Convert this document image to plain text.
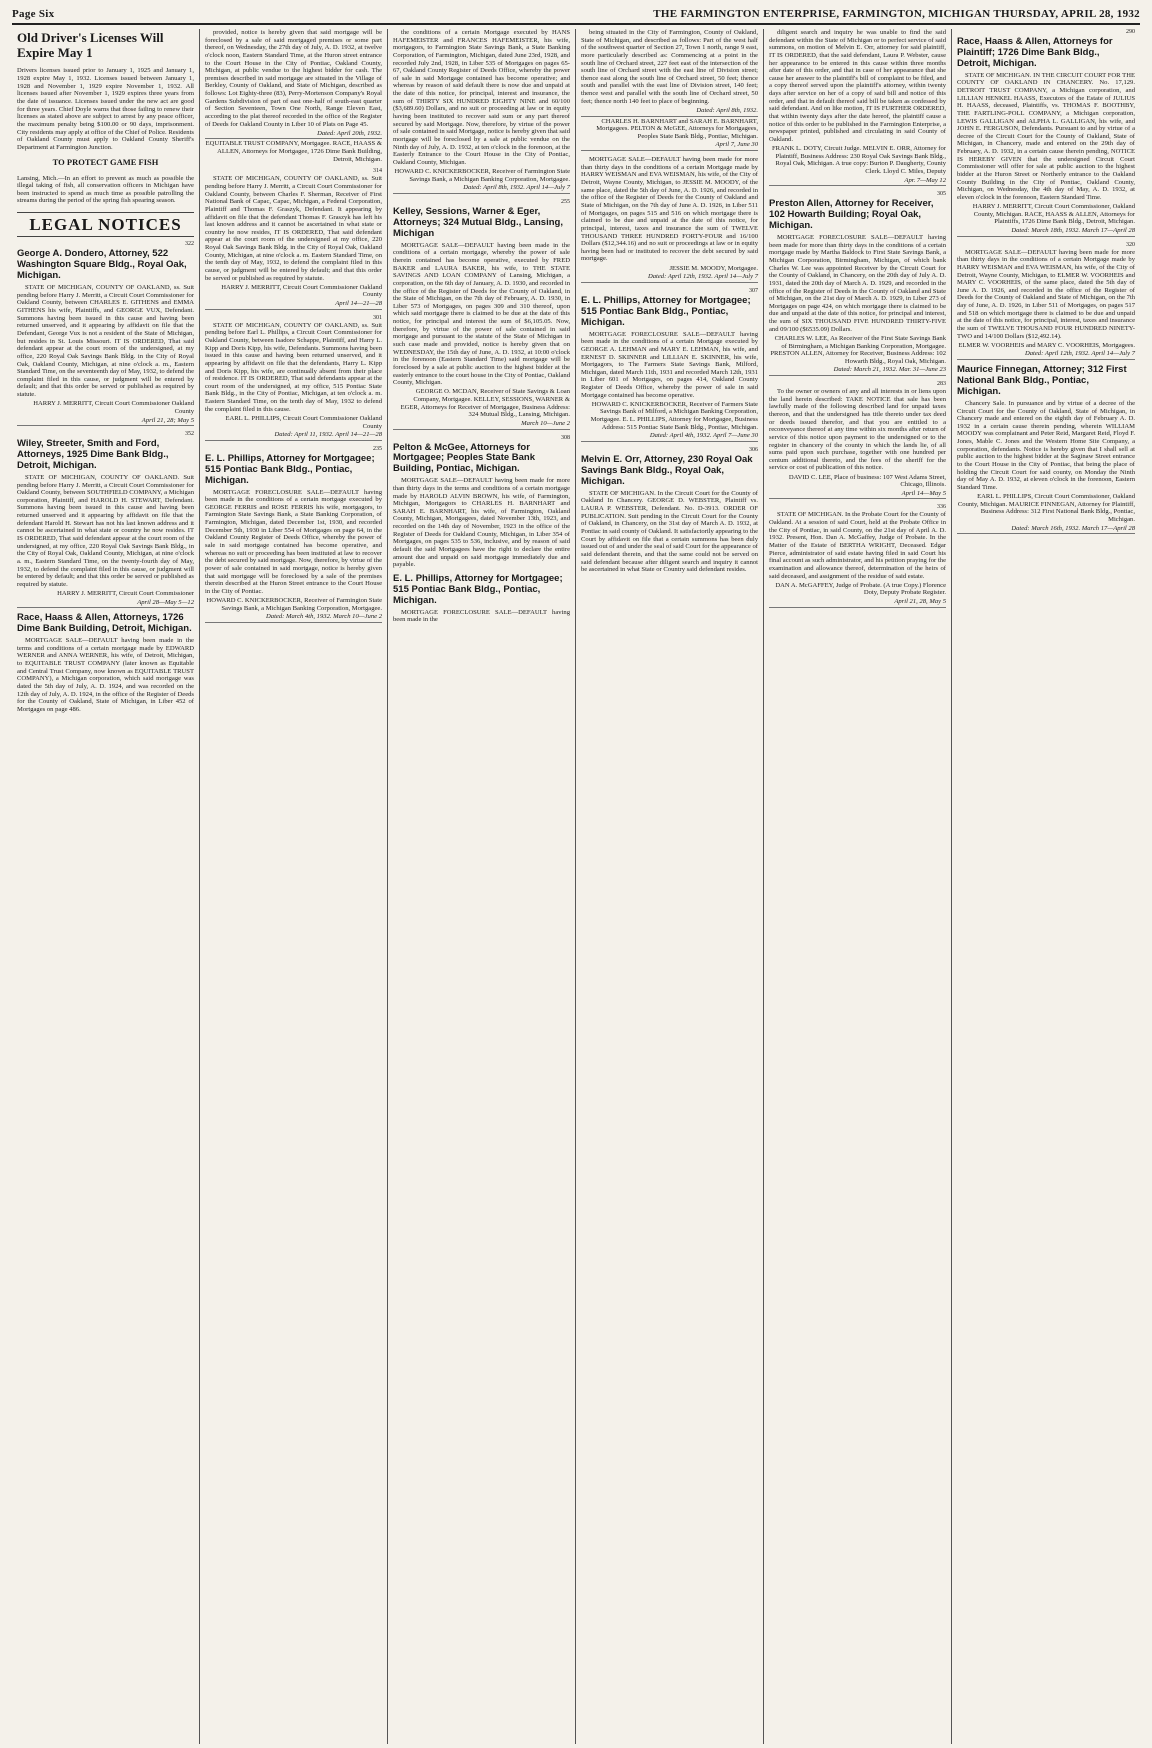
Page Six	THE FARMINGTON ENTERPRISE, FARMINGTON, MICHIGAN THURSDAY, APRIL 28, 1932
Old Driver's Licenses Will Expire May 1

Drivers licenses issued prior to January 1, 1925 and January 1, 1928 expire May 1, 1932. Licenses issued between January 1, 1928 and November 1, 1929 expire November 1, 1932. All licenses issued after November 1, 1929 expires three years from the date of issuance. Licenses issued under the new act are good for three years. Chief Doyle warns that those failing to renew their licenses as stated above are subject to arrest by any peace officer, the maximum penalty being $100.00 or 90 days, imprisonment. City residents may apply at office of the Chief of Police. Residents of Oakland County must apply to Oakland County Sheriff's Department at Farmington Junction.

TO PROTECT GAME FISH

Lansing, Mich.—In an effort to prevent as much as possible the illegal taking of fish, all conservation officers in Michigan have been instructed to spend as much time as possible patrolling the streams during the period of the spring fish spearing season.

LEGAL NOTICES
322
George A. Dondero, Attorney, 522 Washington Square Bldg., Royal Oak, Michigan.

STATE OF MICHIGAN, COUNTY OF OAKLAND, ss. Suit pending before Harry J. Merritt, a Circuit Court Commissioner for Oakland County, between CHARLES E. GITHENS and EMMA GITHENS his wife, Plaintiffs, and GEORGE VUX, Defendant. Summons having been issued in this cause and having been returned unserved, and it appearing by affidavit on file that the Defendant, George Vux is not a resident of the State of Michigan, but resides in St. Louis Missouri. IT IS ORDERED, That said defendant appear at the court room of the undersigned, at my office, 220 Royal Oak Savings Bank Bldg. in the City of Royal Oak, Oakland County, Michigan, at nine o'clock a. m., Eastern Standard Time, on the seventeenth day of May, 1932, to defend the complaint filed in this cause, or judgment will be entered by default; and that this order be served or published as required by statute.

HARRY J. MERRITT, Circuit Court Commissioner Oakland County
April 21, 28; May 5
352
Wiley, Streeter, Smith and Ford, Attorneys, 1925 Dime Bank Bldg., Detroit, Michigan.

STATE OF MICHIGAN, COUNTY OF OAKLAND. Suit pending before Harry J. Merritt, a Circuit Court Commissioner for Oakland County, between SOUTHFIELD COMPANY, a Michigan corporation, Plaintiff, and HAROLD H. STEWART, Defendant. Summons having been issued in this cause and having been returned unserved and it appearing by affidavit on file that the defendant Harold H. Stewart has not his last known address and it cannot be ascertained in what state or country he now resides. IT IS ORDERED, That said defendant appear at the court room of the undersigned, at my office, 220 Royal Oak Savings Bank Bldg., in the City of Royal Oak, Oakland County, Michigan, at nine o'clock a. m., Eastern Standard Time, on the twenty-fourth day of May, 1932, to defend the complaint filed in this cause, or judgment will be entered by default; and that this order be served or published as required by statute.

HARRY J. MERRITT, Circuit Court Commissioner
April 28—May 5—12
Race, Haass & Allen, Attorneys, 1726 Dime Bank Building, Detroit, Michigan.

MORTGAGE SALE—DEFAULT having been made in the terms and conditions of a certain mortgage made by EDWARD WERNER and ANNA WERNER, his wife, of Detroit, Michigan, to EQUITABLE TRUST COMPANY (later known as Equitable and Central Trust Company, now known as EQUITABLE TRUST COMPANY), a Michigan corporation, which said mortgage was dated the 5th day of July, A. D. 1924, and was recorded on the 12th day of July, A. D. 1924, in the office of the Register of Deeds for the County of Oakland, State of Michigan, in Liber 452 of Mortgages on page 486.

provided, notice is hereby given that said mortgage will be foreclosed by a sale of said mortgaged premises or some part thereof, on Wednesday, the 27th day of July, A. D. 1932, at twelve o'clock noon, Eastern Standard Time, at the Huron street entrance to the Court House in the City of Pontiac, Oakland County, Michigan, at public vendue to the highest bidder for cash. The premises described in said mortgage are situated in the Village of Berkley, County of Oakland, and State of Michigan, described as follows: Lot Eighty-three (83), Perry-Mortenson Company's Royal Gardens Subdivision of part of east one-half of south-east quarter of Section Seventeen, Town One North, Range Eleven East, according to the plat thereof recorded in the office of the Register of Deeds for Oakland County in Liber 10 of Plats on Page 45.

Dated: April 20th, 1932.
EQUITABLE TRUST COMPANY, Mortgagee. RACE, HAASS & ALLEN, Attorneys for Mortgagee, 1726 Dime Bank Building, Detroit, Michigan.
314

STATE OF MICHIGAN, COUNTY OF OAKLAND, ss. Suit pending before Harry J. Merritt, a Circuit Court Commissioner for Oakland County, between Charles F. Sherman, Receiver of First National Bank of Capac, Capac, Michigan, a Federal Corporation, Plaintiff and Thomas F. Graszyk, Defendant. It appearing by affidavit on file that the defendant Thomas F. Graszyk has left his last known address and it cannot be ascertained in what state or country he now resides, IT IS ORDERED, That said defendant appear at the court room of the undersigned at my office, 220 Royal Oak Savings Bank Bldg. in the City of Royal Oak, Oakland County, Michigan, at nine o'clock a. m. Eastern Standard Time, on the tenth day of May, 1932, to defend the complaint filed in this cause, or judgment will be entered by default; and that this order be served or published as required by statute.

HARRY J. MERRITT, Circuit Court Commissioner Oakland County
April 14—21—28
301

STATE OF MICHIGAN, COUNTY OF OAKLAND, ss. Suit pending before Earl L. Phillips, a Circuit Court Commissioner for Oakland County, between Isadore Schappe, Plaintiff, and Harry L. Kipp and Doris Kipp, his wife, Defendants. Summons having been issued in this cause and having been returned unserved, and it appearing by affidavit on file that the defendants, Harry L. Kipp and Doris Kipp, his wife, are continually absent from their place of residence. IT IS ORDERED, That said defendants appear at the court room of the undersigned, at my office, 515 Pontiac State Bank Bldg., in the City of Pontiac, Michigan, at ten o'clock a. m. Eastern Standard Time, on the tenth day of May, 1932 to defend the complaint filed in this cause.

EARL L. PHILLIPS, Circuit Court Commissioner Oakland County
Dated: April 11, 1932. April 14—21—28
235
E. L. Phillips, Attorney for Mortgagee; 515 Pontiac Bank Bldg., Pontiac, Michigan.

MORTGAGE FORECLOSURE SALE—DEFAULT having been made in the conditions of a certain mortgage executed by GEORGE FERRIS and ROSE FERRIS his wife, mortgagors, to Farmington State Savings Bank, a State Banking Corporation, of Farmington, Michigan, dated December 1st, 1930, and recorded December 5th, 1930 in Liber 554 of Mortgages on page 64, in the Oakland County Register of Deeds Office, whereby the power of sale in said mortgage contained has become operative, and whereas no suit or proceeding has been instituted at law to recover the debt secured by said mortgage. Now, therefore, by virtue of the power of sale contained in said mortgage, notice is hereby given that said mortgage will be foreclosed by a sale of the premises therein described at the Huron Street entrance to the Court House in the City of Pontiac.

HOWARD C. KNICKERBOCKER, Receiver of Farmington State Savings Bank, a Michigan Banking Corporation, Mortgagee.
Dated: March 4th, 1932. March 10—June 2

the conditions of a certain Mortgage executed by HANS HAFEMEISTER and FRANCES HAFEMEISTER, his wife, mortgagors, to Farmington State Savings Bank, a State Banking Corporation, of Farmington, Michigan, dated June 23rd, 1928, and recorded July 2nd, 1928, in Liber 535 of Mortgages on pages 65-67, Oakland County Register of Deeds Office, whereby the power of sale in said Mortgage contained has become operative; and whereas by reason of said default there is now due and unpaid at the date of this notice, for principal, interest and insurance, the sum of THIRTY SIX HUNDRED EIGHTY NINE and 60/100 ($3,689.60) Dollars, and no suit or proceeding at law or in equity having been instituted to recover said sum or any part thereof secured by said Mortgage. Now, therefore, by virtue of the power of sale contained in said Mortgage, notice is hereby given that said mortgage will be foreclosed by a sale at public vendue on the Ninth day of July, A. D. 1932, at ten o'clock in the forenoon, at the Easterly Entrance to the Court House in the City of Pontiac, Oakland County, Michigan.

HOWARD C. KNICKERBOCKER, Receiver of Farmington State Savings Bank, a Michigan Banking Corporation, Mortgagee.
Dated: April 8th, 1932. April 14—July 7
255
Kelley, Sessions, Warner & Eger, Attorneys; 324 Mutual Bldg., Lansing, Michigan

MORTGAGE SALE—DEFAULT having been made in the conditions of a certain mortgage, whereby the power of sale therein contained has become operative, executed by FRED BAKER and LAURA BAKER, his wife, to THE STATE SAVINGS AND LOAN COMPANY of Lansing, Michigan, a corporation, on the 6th day of January, A. D. 1930, and recorded in the office of the Register of Deeds for the County of Oakland, in the State of Michigan, on the 7th day of February, A. D. 1930, in Liber 573 of Mortgages, on pages 309 and 310 thereof, upon which said mortgage there is claimed to be due at the date of this notice, for principal and interest the sum of $6,105.05. Now, therefore, by virtue of the power of sale contained in said mortgage and pursuant to the statute of the State of Michigan in such case made and provided, notice is hereby given that on WEDNESDAY, the 15th day of June, A. D. 1932, at 10:00 o'clock in the forenoon (Eastern Standard Time) said mortgage will be foreclosed by a sale at public auction to the highest bidder at the easterly entrance to the court house in the City of Pontiac, Oakland County, Michigan.

GEORGE O. MCDAN, Receiver of State Savings & Loan Company, Mortgagee. KELLEY, SESSIONS, WARNER & EGER, Attorneys for Receiver of Mortgagee, Business Address: 324 Mutual Bldg., Lansing, Michigan.
March 10—June 2
308
Pelton & McGee, Attorneys for Mortgagee; Peoples State Bank Building, Pontiac, Michigan.

MORTGAGE SALE—DEFAULT having been made for more than thirty days in the terms and conditions of a certain mortgage made by HAROLD ALVIN BROWN, his wife, of Farmington, Michigan, Mortgagors to CHARLES H. BARNHART and SARAH E. BARNHART, his wife, of Farmington, Oakland County, Michigan, Mortgagees, dated November 13th, 1923, and recorded on the 14th day of November, 1923 in the office of the Register of Deeds for Oakland County, Michigan, in Liber 354 of Mortgages, on pages 535 to 536, inclusive, and by reason of said default the said Mortgagees have the right to declare the entire amount due and unpaid on said mortgage immediately due and payable.

E. L. Phillips, Attorney for Mortgagee; 515 Pontiac Bank Bldg., Pontiac, Michigan.

MORTGAGE FORECLOSURE SALE—DEFAULT having been made in the

being situated in the City of Farmington, County of Oakland, State of Michigan, and described as follows: Part of the west half of the southwest quarter of Section 27, Town 1 north, range 9 east, more particularly described as: Commencing at a point in the south line of Orchard street, 227 feet east of the intersection of the south line of Orchard street with the east line of Division street; thence east along the south line of Orchard street, 50 feet; thence south and parallel with the east line of Division street, 140 feet; thence west and parallel with the south line of Orchard street, 50 feet; thence north 140 feet to place of beginning.

Dated: April 8th, 1932.
CHARLES H. BARNHART and SARAH E. BARNHART, Mortgagees. PELTON & McGEE, Attorneys for Mortgagees, Peoples State Bank Bldg., Pontiac, Michigan.
April 7, June 30

MORTGAGE SALE—DEFAULT having been made for more than thirty days in the conditions of a certain Mortgage made by HARRY WEISMAN and EVA WEISMAN, his wife, of the City of Detroit, Wayne County, Michigan, to JESSIE M. MOODY, of the same place, dated the 5th day of June, A. D. 1926, and recorded in the office of the Register of Deeds for the County of Oakland and State of Michigan, on the 7th day of June A. D. 1926, in Liber 511 of Mortgages, on pages 515 and 516 on which mortgage there is claimed to be due and unpaid at the date of this notice, for principal, interest, taxes and insurance the sum of TWELVE THOUSAND THREE HUNDRED FORTY-FOUR and 16/100 Dollars ($12,344.16) and no suit or proceedings at law or in equity having been had or instituted to recover the debt secured by said mortgage.

JESSIE M. MOODY, Mortgagee.
Dated: April 12th, 1932. April 14—July 7
307
E. L. Phillips, Attorney for Mortgagee; 515 Pontiac Bank Bldg., Pontiac, Michigan.

MORTGAGE FORECLOSURE SALE—DEFAULT having been made in the conditions of a certain Mortgage executed by GEORGE A. LEHMAN and MARY E. LEHMAN, his wife, and ERNEST D. SKINNER and LILLIAN E. SKINNER, his wife, Mortgagors, to The Farmers State Savings Bank, Milford, Michigan, dated March 11th, 1931 and recorded March 12th, 1931 in Liber 601 of Mortgages, on pages 414, Oakland County Register of Deeds Office, whereby the power of sale in said Mortgage contained has become operative.

HOWARD C. KNICKERBOCKER, Receiver of Farmers State Savings Bank of Milford, a Michigan Banking Corporation, Mortgagee. E. L. PHILLIPS, Attorney for Mortgagee, Business Address: 515 Pontiac State Bank Bldg., Pontiac, Michigan.
Dated: April 4th, 1932. April 7—June 30
306
Melvin E. Orr, Attorney, 230 Royal Oak Savings Bank Bldg., Royal Oak, Michigan.

STATE OF MICHIGAN. In the Circuit Court for the County of Oakland In Chancery. GEORGE D. WEBSTER, Plaintiff vs. LAURA P. WEBSTER, Defendant. No. D-3913. ORDER OF PUBLICATION. Suit pending in the Circuit Court for the County of Oakland, in Chancery, on the 31st day of March A. D. 1932, at Pontiac in said county of Oakland. It satisfactorily appearing to the Court by affidavit on file that a certain summons has been duly issued out of and under the seal of said Court for the appearance of said defendant therein, and that the same could not be served on said defendant because after diligent search and inquiry it cannot be ascertained in what State or Country said defendant resides.

diligent search and inquiry he was unable to find the said defendant within the State of Michigan or to perfect service of said summons, on motion of Melvin E. Orr, attorney for said plaintiff, IT IS ORDERED, that the said defendant, Laura P. Webster, cause her appearance to be entered in this cause within three months after date of this order, and that in case of her appearance that she cause her answer to the plaintiff's bill of complaint to be filed, and a copy thereof served upon the plaintiff's attorney, within twenty days after service on her of a copy of said bill and notice of this order, and that in default thereof said bill be taken as confessed by said defendant. And on like motion, IT IS FURTHER ORDERED, that within twenty days after the date hereof, the plaintiff cause a notice of this order to be published in the Farmington Enterprise, a newspaper printed, published and circulating in said County of Oakland.

FRANK L. DOTY, Circuit Judge. MELVIN E. ORR, Attorney for Plaintiff, Business Address: 230 Royal Oak Savings Bank Bldg., Royal Oak, Michigan. A true copy: Burton P. Daugherty, County Clerk. Lloyd C. Miles, Deputy
Apr. 7—May 12
305
Preston Allen, Attorney for Receiver, 102 Howarth Building; Royal Oak, Michigan.

MORTGAGE FORECLOSURE SALE—DEFAULT having been made for more than thirty days in the conditions of a certain mortgage made by Martha Baldock to First State Savings Bank, a Michigan Corporation, Birmingham, Michigan, of which bank Charles W. Lee was appointed Receiver by the Circuit Court for the County of Oakland, in Chancery, on the 20th day of July A. D. 1931, dated the 20th day of March A. D. 1929, and recorded in the office of the Register of Deeds in the County of Oakland and State of Michigan, on the 21st day of March A. D. 1929, in Liber 273 of Mortgages on page 424, on which mortgage there is claimed to be due and unpaid at the date of this notice, for principal and interest, the sum of SIX THOUSAND FIVE HUNDRED THIRTY-FIVE and 09/100 ($6535.09) Dollars.

CHARLES W. LEE, As Receiver of the First State Savings Bank of Birmingham, a Michigan Banking Corporation, Mortgagee. PRESTON ALLEN, Attorney for Receiver, Business Address: 102 Howarth Bldg., Royal Oak, Michigan.
Dated: March 21, 1932. Mar. 31—June 23
283

To the owner or owners of any and all interests in or liens upon the land herein described: TAKE NOTICE that sale has been lawfully made of the following described land for unpaid taxes thereon, and that the undersigned has title thereto under tax deed or deeds issued therefor, and that you are entitled to a reconveyance thereof at any time within six months after return of service of this notice upon payment to the undersigned or to the register in chancery of the county in which the lands lie, of all sums paid upon such purchase, together with one hundred per centum additional thereto, and the fees of the sheriff for the service or cost of publication of this notice.

DAVID C. LEE, Place of business: 107 West Adams Street, Chicago, Illinois.
April 14—May 5
336

STATE OF MICHIGAN. In the Probate Court for the County of Oakland. At a session of said Court, held at the Probate Office in the City of Pontiac, in said County, on the 21st day of April A. D. 1932. Present, Hon. Dan A. McGaffey, Judge of Probate. In the Matter of the Estate of BERTHA WRIGHT, Deceased. Edgar Pierce, administrator of said estate having filed in said Court his final account as such administrator, and his petition praying for the examination and allowance thereof, determination of the heirs of said deceased, and assignment of the residue of said estate.

DAN A. McGAFFEY, Judge of Probate. (A true Copy.) Florence Doty, Deputy Probate Register.
April 21, 28, May 5
290
Race, Haass & Allen, Attorneys for Plaintiff; 1726 Dime Bank Bldg., Detroit, Michigan.

STATE OF MICHIGAN. IN THE CIRCUIT COURT FOR THE COUNTY OF OAKLAND IN CHANCERY. No. 17,129. DETROIT TRUST COMPANY, a Michigan corporation, and LILLIAN HENKEL HAASS, Executors of the Estate of JULIUS H. HAASS, deceased, Plaintiffs, vs. THOMAS F. BOOTHBY, THE FARTLING-POLL COMPANY, a Michigan corporation, LEWIS GALLIGAN and ALPHA L. GALLIGAN, his wife, and JOHN E. FERGUSON, Defendants. Pursuant to and by virtue of a decree of the Circuit Court for the County of Oakland, State of Michigan, in Chancery, made and entered on the 29th day of February, A. D. 1932, in a certain cause therein pending, NOTICE IS HEREBY GIVEN that the undersigned Circuit Court Commissioner will offer for sale at public auction to the highest bidder at the Huron Street or Northerly entrance to the Oakland County Building in the City of Pontiac, Oakland County, Michigan, on Wednesday, the 4th day of May, A. D. 1932, at eleven o'clock in the forenoon, Eastern Standard Time.

HARRY J. MERRITT, Circuit Court Commissioner, Oakland County, Michigan. RACE, HAASS & ALLEN, Attorneys for Plaintiffs, 1726 Dime Bank Bldg., Detroit, Michigan.
Dated: March 18th, 1932. March 17—April 28
320

MORTGAGE SALE—DEFAULT having been made for more than thirty days in the conditions of a certain Mortgage made by HARRY WEISMAN and EVA WEISMAN, his wife, of the City of Detroit, Wayne County, Michigan, to ELMER W. VOORHEIS and MARY C. VOORHEIS, of the same place, dated the 5th day of June A. D. 1926, and recorded in the office of the Register of Deeds for the County of Oakland and State of Michigan, on the 7th day of June, A. D. 1926, in Liber 511 of Mortgages, on pages 517 and 518 on which mortgage there is claimed to be due and unpaid at the date of this notice, for principal, interest, taxes and insurance the sum of TWELVE THOUSAND FOUR HUNDRED NINETY-TWO and 14/100 Dollars ($12,492.14).

ELMER W. VOORHEIS and MARY C. VOORHEIS, Mortgagees.
Dated: April 12th, 1932. April 14—July 7
Maurice Finnegan, Attorney; 312 First National Bank Bldg., Pontiac, Michigan.

Chancery Sale. In pursuance and by virtue of a decree of the Circuit Court for the County of Oakland, State of Michigan, in Chancery made and entered on the eighth day of February A. D. 1932 in a certain cause therein pending, wherein WILLIAM MOODY was complainant and Peter Reid, Margaret Reid, Floyd F. Jones, Mable C. Jones and the Western Home Site Company, a corporation, defendants. Notice is hereby given that I shall sell at public auction to the highest bidder at the Saginaw Street entrance to the Court House in the City of Pontiac, that being the place of holding the Circuit Court for said county, on Monday the Ninth day of May A. D. 1932, at eleven o'clock in the forenoon, Eastern Standard Time.

EARL L. PHILLIPS, Circuit Court Commissioner, Oakland County, Michigan. MAURICE FINNEGAN, Attorney for Plaintiff, Business Address: 312 First National Bank Bldg., Pontiac, Michigan.
Dated: March 16th, 1932. March 17—April 28
